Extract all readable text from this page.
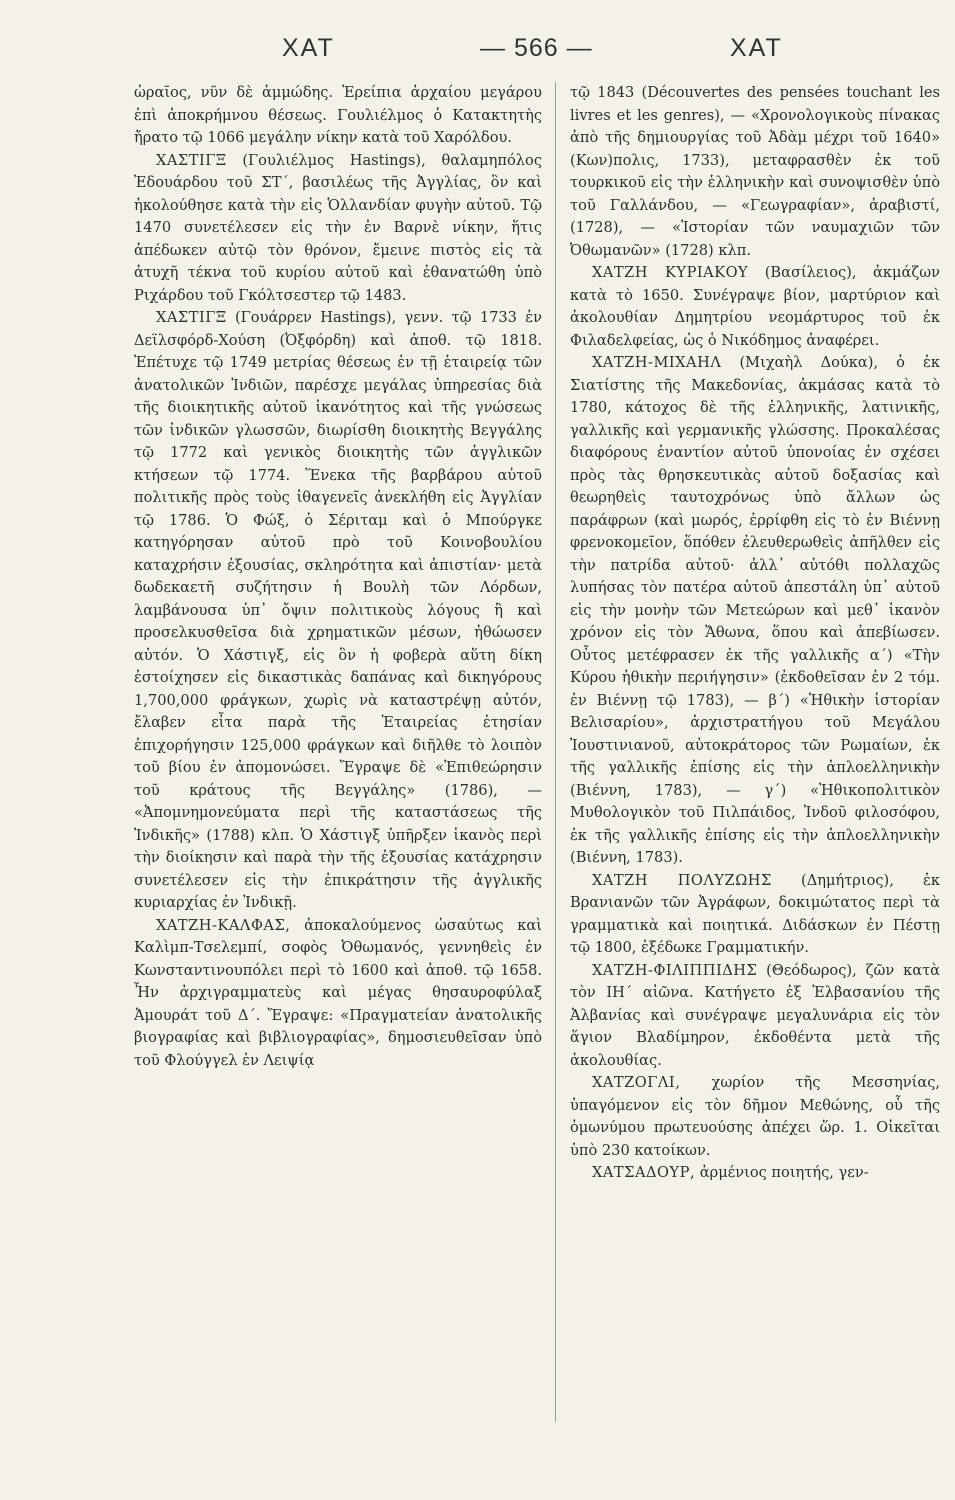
ΧΑΤ	— 566 —	ΧΑΤ

ὡραῖος, νῦν δὲ ἀμμώδης. Ἐρείπια ἀρχαίου μεγάρου ἐπὶ ἀποκρήμνου θέσεως. Γουλιέλμος ὁ Κατακτητὴς ἤρατο τῷ 1066 μεγάλην νίκην κατὰ τοῦ Χαρόλδου.

ΧΑΣΤΙΓΞ (Γουλιέλμος Hastings), θαλαμηπόλος Ἐδουάρδου τοῦ ΣΤ΄, βασιλέως τῆς Ἀγγλίας, ὃν καὶ ἠκολούθησε κατὰ τὴν εἰς Ὁλλανδίαν φυγὴν αὐτοῦ. Τῷ 1470 συνετέλεσεν εἰς τὴν ἐν Βαρνὲ νίκην, ἥτις ἀπέδωκεν αὐτῷ τὸν θρόνον, ἔμεινε πιστὸς εἰς τὰ ἀτυχῆ τέκνα τοῦ κυρίου αὐτοῦ καὶ ἐθανατώθη ὑπὸ Ριχάρδου τοῦ Γκόλτσεστερ τῷ 1483.

ΧΑΣΤΙΓΞ (Γουάρρεν Hastings), γενν. τῷ 1733 ἐν Δεϊλσφόρδ-Χούση (Ὀξφόρδη) καὶ ἀποθ. τῷ 1818. Ἐπέτυχε τῷ 1749 μετρίας θέσεως ἐν τῇ ἑταιρείᾳ τῶν ἀνατολικῶν Ἰνδιῶν, παρέσχε μεγάλας ὑπηρεσίας διὰ τῆς διοικητικῆς αὐτοῦ ἱκανότητος καὶ τῆς γνώσεως τῶν ἰνδικῶν γλωσσῶν, διωρίσθη διοικητὴς Βεγγάλης τῷ 1772 καὶ γενικὸς διοικητὴς τῶν ἀγγλικῶν κτήσεων τῷ 1774. Ἕνεκα τῆς βαρβάρου αὐτοῦ πολιτικῆς πρὸς τοὺς ἰθαγενεῖς ἀνεκλήθη εἰς Ἀγγλίαν τῷ 1786. Ὁ Φώξ, ὁ Σέριταμ καὶ ὁ Μπούργκε κατηγόρησαν αὐτοῦ πρὸ τοῦ Κοινοβουλίου καταχρήσιν ἐξουσίας, σκληρότητα καὶ ἀπιστίαν· μετὰ δωδεκαετῆ συζήτησιν ἡ Βουλὴ τῶν Λόρδων, λαμβάνουσα ὑπ᾽ ὄψιν πολιτικοὺς λόγους ἢ καὶ προσελκυσθεῖσα διὰ χρηματικῶν μέσων, ἠθώωσεν αὐτόν. Ὁ Χάστιγξ, εἰς ὃν ἡ φοβερὰ αὕτη δίκη ἐστοίχησεν εἰς δικαστικὰς δαπάνας καὶ δικηγόρους 1,700,000 φράγκων, χωρὶς νὰ καταστρέψῃ αὐτόν, ἔλαβεν εἶτα παρὰ τῆς Ἑταιρείας ἐτησίαν ἐπιχορήγησιν 125,000 φράγκων καὶ διῆλθε τὸ λοιπὸν τοῦ βίου ἐν ἀπομονώσει. Ἔγραψε δὲ «Ἐπιθεώρησιν τοῦ κράτους τῆς Βεγγάλης» (1786), — «Ἀπομνημονεύματα περὶ τῆς καταστάσεως τῆς Ἰνδικῆς» (1788) κλπ. Ὁ Χάστιγξ ὑπῆρξεν ἱκανὸς περὶ τὴν διοίκησιν καὶ παρὰ τὴν τῆς ἐξουσίας κατάχρησιν συνετέλεσεν εἰς τὴν ἐπικράτησιν τῆς ἀγγλικῆς κυριαρχίας ἐν Ἰνδικῇ.

ΧΑΤΖΗ-ΚΑΛΦΑΣ, ἀποκαλούμενος ὡσαύτως καὶ Καλὶμπ-Τσελεμπί, σοφὸς Ὀθωμανός, γεννηθεὶς ἐν Κωνσταντινουπόλει περὶ τὸ 1600 καὶ ἀποθ. τῷ 1658. Ἦν ἀρχιγραμματεὺς καὶ μέγας θησαυροφύλαξ Ἀμουράτ τοῦ Δ΄. Ἔγραψε: «Πραγματείαν ἀνατολικῆς βιογραφίας καὶ βιβλιογραφίας», δημοσιευθεῖσαν ὑπὸ τοῦ Φλούγγελ ἐν Λειψίᾳ

τῷ 1843 (Découvertes des pensées touchant les livres et les genres), — «Χρονολογικοὺς πίνακας ἀπὸ τῆς δημιουργίας τοῦ Ἀδὰμ μέχρι τοῦ 1640» (Κων)πολις, 1733), μεταφρασθὲν ἐκ τοῦ τουρκικοῦ εἰς τὴν ἑλληνικὴν καὶ συνοψισθὲν ὑπὸ τοῦ Γαλλάνδου, — «Γεωγραφίαν», ἀραβιστί, (1728), — «Ἱστορίαν τῶν ναυμαχιῶν τῶν Ὀθωμανῶν» (1728) κλπ.

ΧΑΤΖΗ ΚΥΡΙΑΚΟΥ (Βασίλειος), ἀκμάζων κατὰ τὸ 1650. Συνέγραψε βίον, μαρτύριον καὶ ἀκολουθίαν Δημητρίου νεομάρτυρος τοῦ ἐκ Φιλαδελφείας, ὡς ὁ Νικόδημος ἀναφέρει.

ΧΑΤΖΗ-ΜΙΧΑΗΛ (Μιχαὴλ Δούκα), ὁ ἐκ Σιατίστης τῆς Μακεδονίας, ἀκμάσας κατὰ τὸ 1780, κάτοχος δὲ τῆς ἑλληνικῆς, λατινικῆς, γαλλικῆς καὶ γερμανικῆς γλώσσης. Προκαλέσας διαφόρους ἐναντίον αὐτοῦ ὑπονοίας ἐν σχέσει πρὸς τὰς θρησκευτικὰς αὐτοῦ δοξασίας καὶ θεωρηθεὶς ταυτοχρόνως ὑπὸ ἄλλων ὡς παράφρων (καὶ μωρός, ἐρρίφθη εἰς τὸ ἐν Βιέννῃ φρενοκομεῖον, ὅπόθεν ἐλευθερωθεὶς ἀπῆλθεν εἰς τὴν πατρίδα αὐτοῦ· ἀλλ᾽ αὐτόθι πολλαχῶς λυπήσας τὸν πατέρα αὐτοῦ ἀπεστάλη ὑπ᾽ αὐτοῦ εἰς τὴν μονὴν τῶν Μετεώρων καὶ μεθ᾽ ἱκανὸν χρόνον εἰς τὸν Ἄθωνα, ὅπου καὶ ἀπεβίωσεν. Οὗτος μετέφρασεν ἐκ τῆς γαλλικῆς α΄) «Τὴν Κύρου ἠθικὴν περιήγησιν» (ἐκδοθεῖσαν ἐν 2 τόμ. ἐν Βιέννῃ τῷ 1783), — β΄) «Ἠθικὴν ἱστορίαν Βελισαρίου», ἀρχιστρατήγου τοῦ Μεγάλου Ἰουστινιανοῦ, αὐτοκράτορος τῶν Ρωμαίων, ἐκ τῆς γαλλικῆς ἐπίσης εἰς τὴν ἁπλοελληνικὴν (Βιέννη, 1783), — γ΄) «Ἠθικοπολιτικὸν Μυθολογικὸν τοῦ Πιλπάιδος, Ἰνδοῦ φιλοσόφου, ἐκ τῆς γαλλικῆς ἐπίσης εἰς τὴν ἁπλοελληνικὴν (Βιέννη, 1783).

ΧΑΤΖΗ ΠΟΛΥΖΩΗΣ (Δημήτριος), ἐκ Βρανιανῶν τῶν Ἀγράφων, δοκιμώτατος περὶ τὰ γραμματικὰ καὶ ποιητικά. Διδάσκων ἐν Πέστῃ τῷ 1800, ἐξέδωκε Γραμματικήν.

ΧΑΤΖΗ-ΦΙΛΙΠΠΙΔΗΣ (Θεόδωρος), ζῶν κατὰ τὸν ΙΗ΄ αἰῶνα. Κατήγετο ἐξ Ἐλβασανίου τῆς Ἀλβανίας καὶ συνέγραψε μεγαλυνάρια εἰς τὸν ἅγιον Βλαδίμηρον, ἐκδοθέντα μετὰ τῆς ἀκολουθίας.

ΧΑΤΖΟΓΛΙ, χωρίον τῆς Μεσσηνίας, ὑπαγόμενον εἰς τὸν δῆμον Μεθώνης, οὗ τῆς ὁμωνύμου πρωτευούσης ἀπέχει ὥρ. 1. Οἰκεῖται ὑπὸ 230 κατοίκων.

ΧΑΤΣΑΔΟΥΡ, ἀρμένιος ποιητής, γεν-
